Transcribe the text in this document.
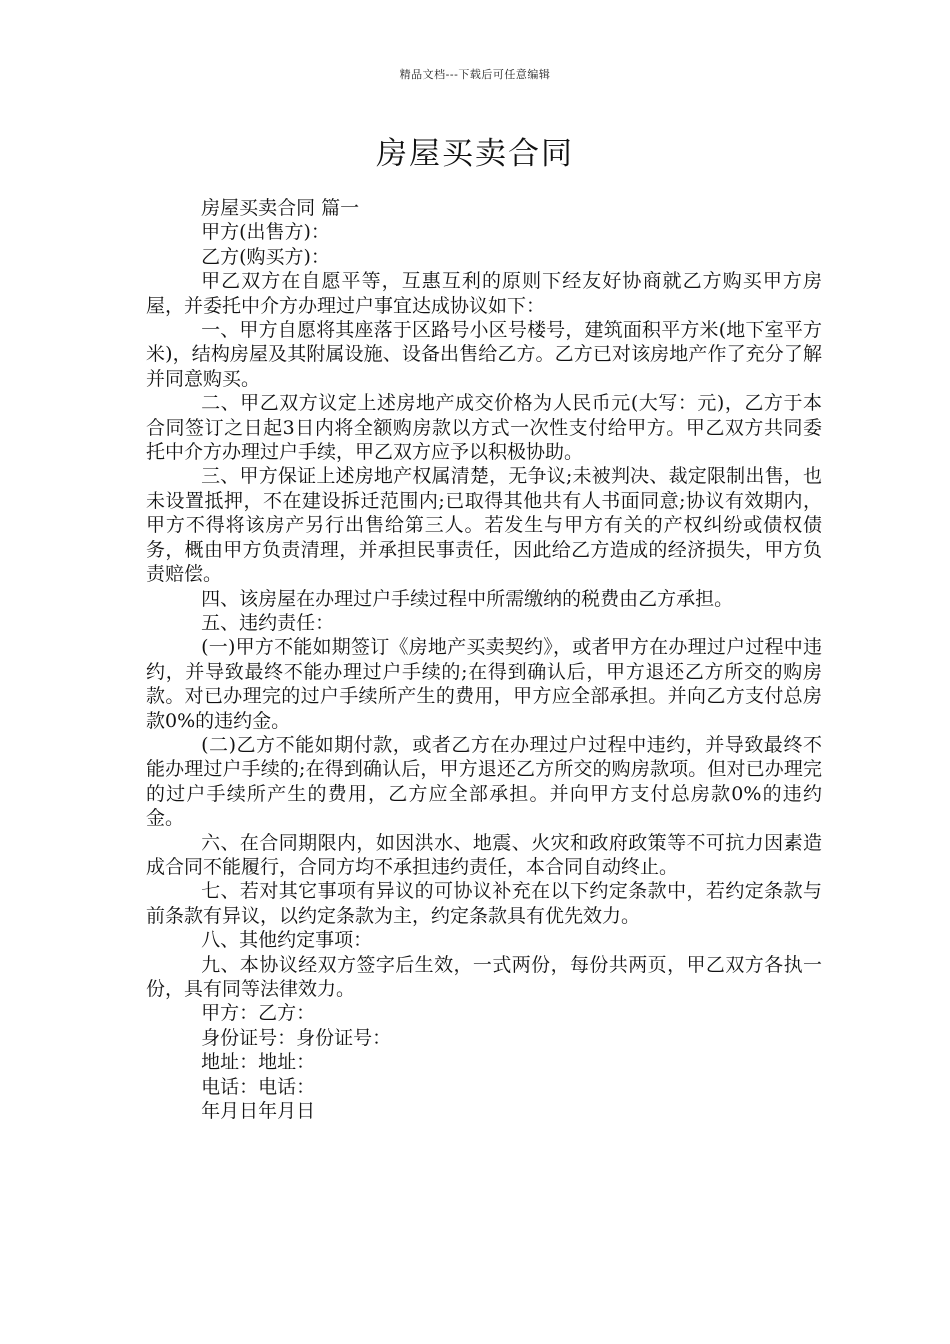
精品文档---下载后可任意编辑
房屋买卖合同

房屋买卖合同 篇一

甲方(出售方)：

乙方(购买方)：

甲乙双方在自愿平等，互惠互利的原则下经友好协商就乙方购买甲方房屋，并委托中介方办理过户事宜达成协议如下：

一、甲方自愿将其座落于区路号小区号楼号，建筑面积平方米(地下室平方米)，结构房屋及其附属设施、设备出售给乙方。乙方已对该房地产作了充分了解并同意购买。

二、甲乙双方议定上述房地产成交价格为人民币元(大写：元)，乙方于本合同签订之日起3日内将全额购房款以方式一次性支付给甲方。甲乙双方共同委托中介方办理过户手续，甲乙双方应予以积极协助。

三、甲方保证上述房地产权属清楚，无争议;未被判决、裁定限制出售，也未设置抵押，不在建设拆迁范围内;已取得其他共有人书面同意;协议有效期内，甲方不得将该房产另行出售给第三人。若发生与甲方有关的产权纠纷或债权债务，概由甲方负责清理，并承担民事责任，因此给乙方造成的经济损失，甲方负责赔偿。

四、该房屋在办理过户手续过程中所需缴纳的税费由乙方承担。

五、违约责任：

(一)甲方不能如期签订《房地产买卖契约》，或者甲方在办理过户过程中违约，并导致最终不能办理过户手续的;在得到确认后，甲方退还乙方所交的购房款。对已办理完的过户手续所产生的费用，甲方应全部承担。并向乙方支付总房款0%的违约金。

(二)乙方不能如期付款，或者乙方在办理过户过程中违约，并导致最终不能办理过户手续的;在得到确认后，甲方退还乙方所交的购房款项。但对已办理完的过户手续所产生的费用，乙方应全部承担。并向甲方支付总房款0%的违约金。

六、在合同期限内，如因洪水、地震、火灾和政府政策等不可抗力因素造成合同不能履行，合同方均不承担违约责任，本合同自动终止。

七、若对其它事项有异议的可协议补充在以下约定条款中，若约定条款与前条款有异议，以约定条款为主，约定条款具有优先效力。

八、其他约定事项：

九、本协议经双方签字后生效，一式两份，每份共两页，甲乙双方各执一份，具有同等法律效力。

甲方：乙方：

身份证号：身份证号：

地址：地址：

电话：电话：

年月日年月日
